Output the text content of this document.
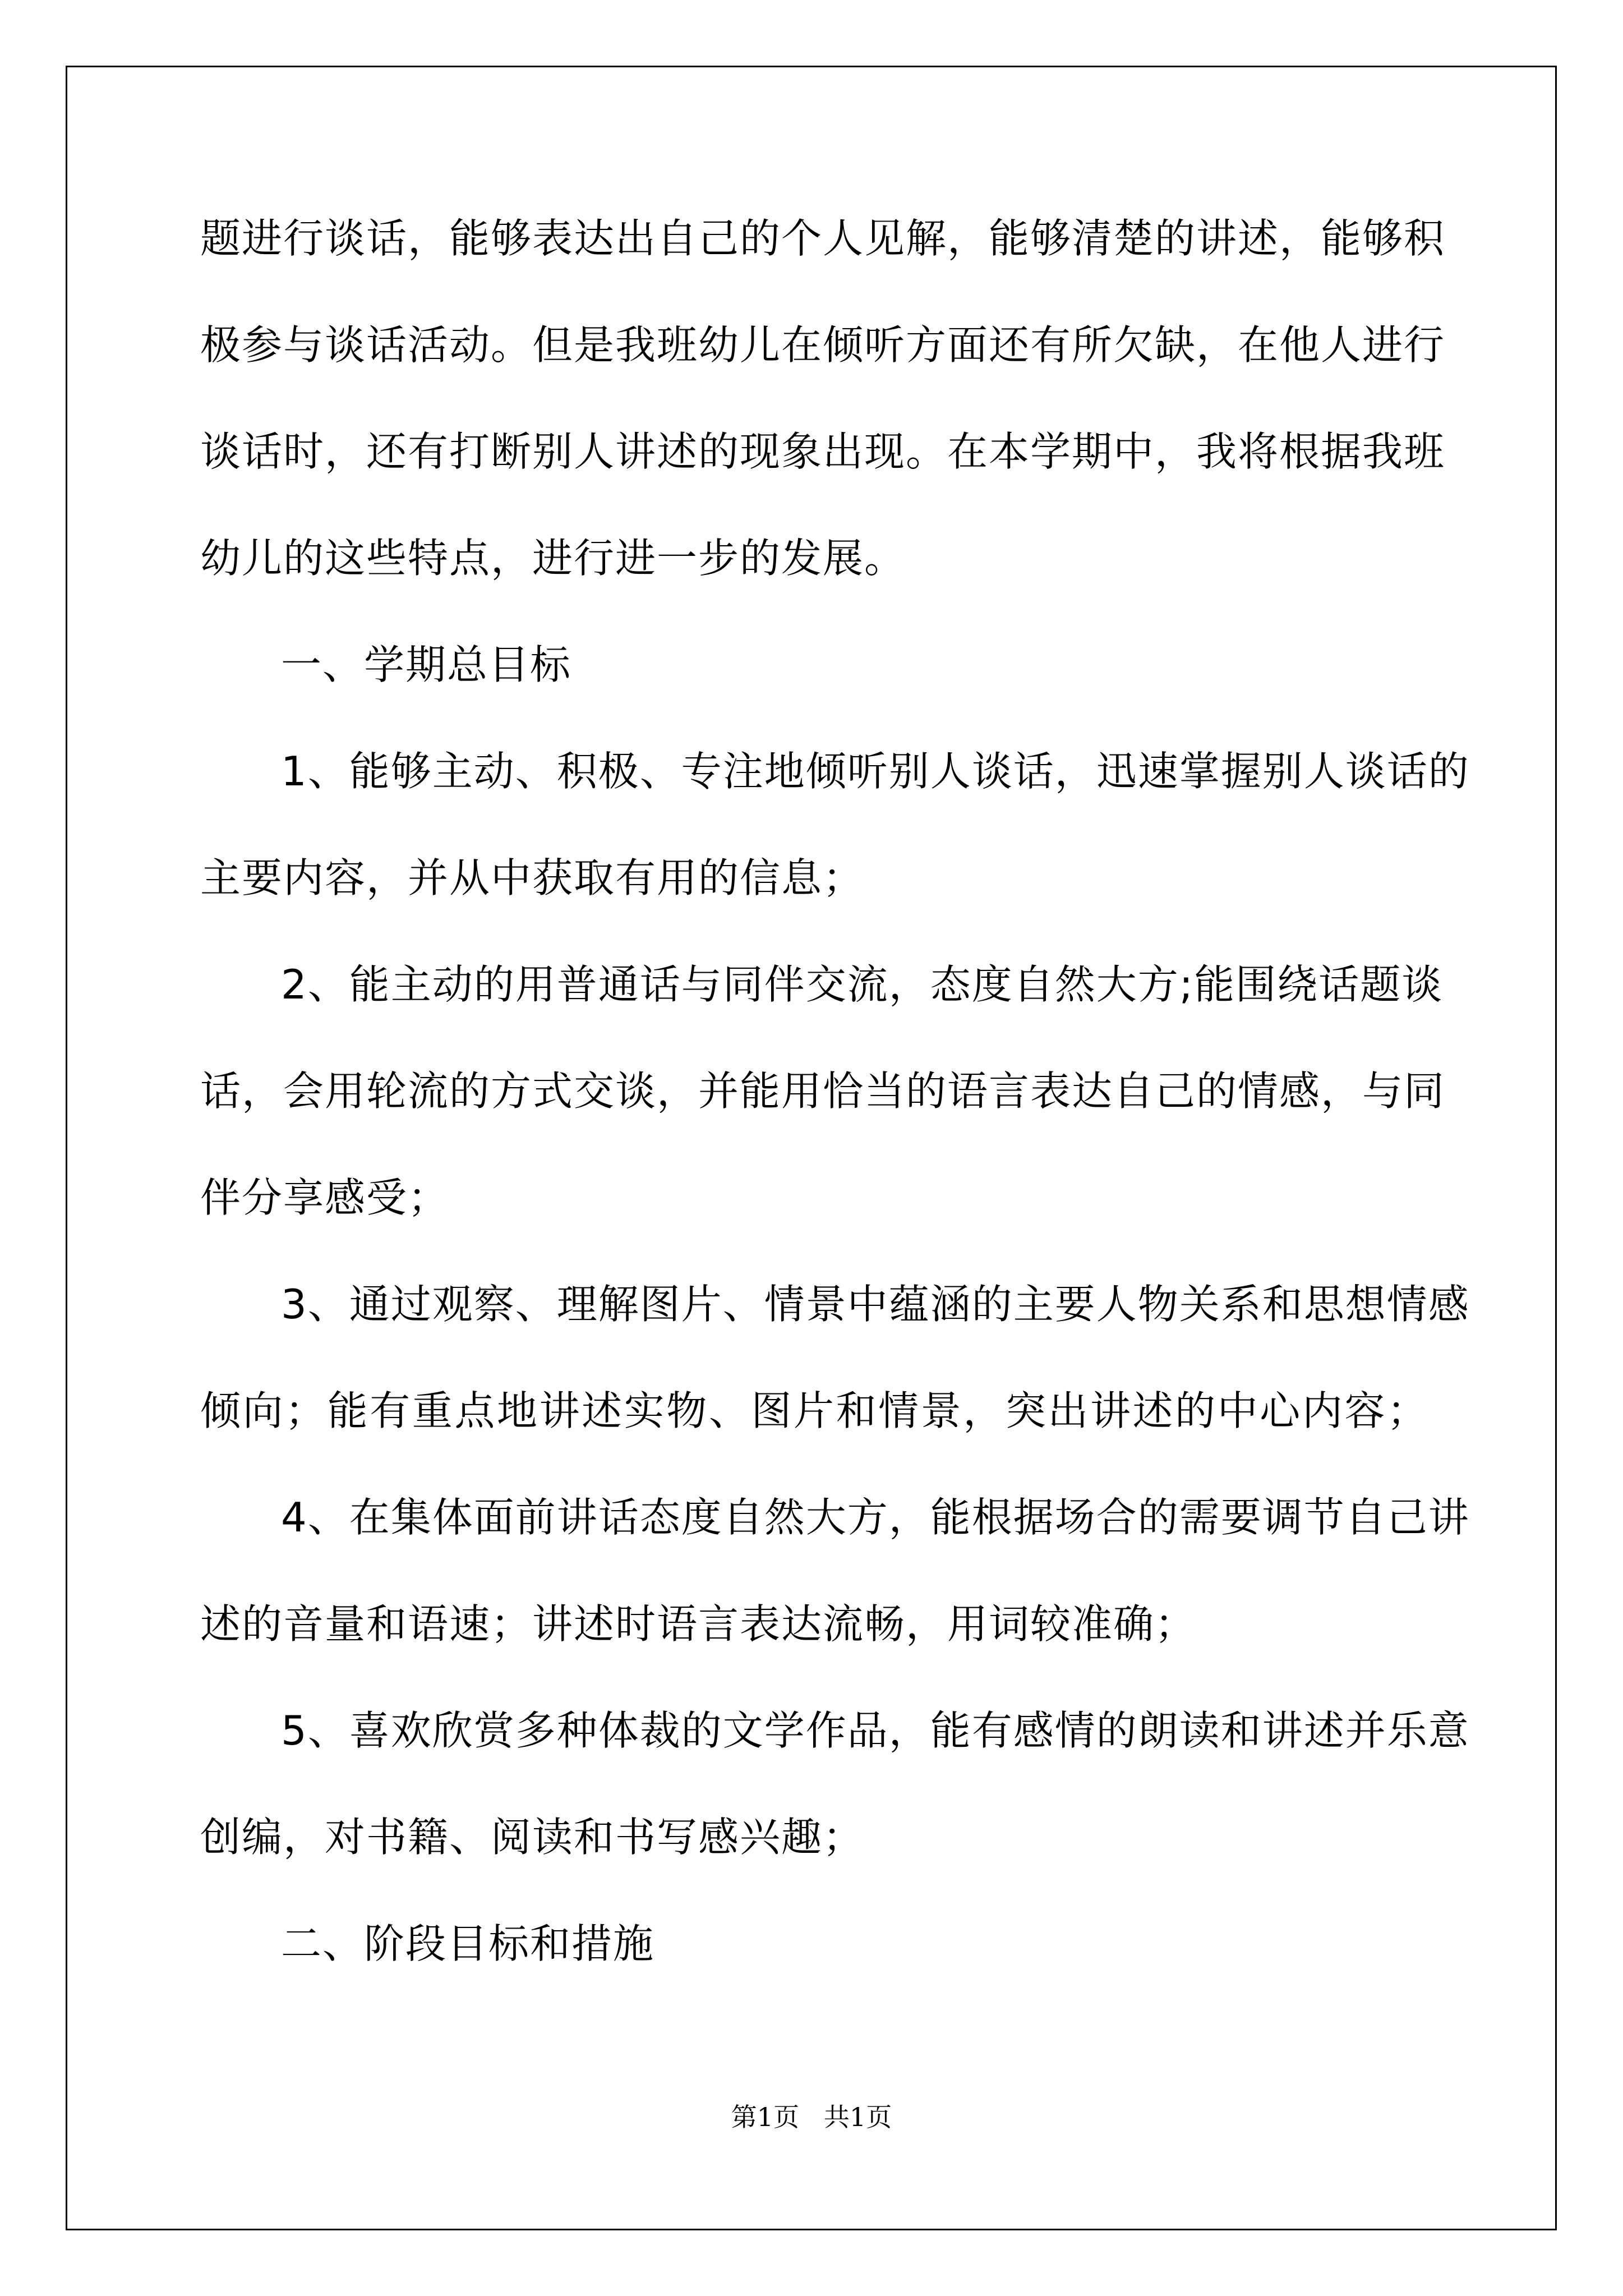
题进行谈话，能够表达出自己的个人见解，能够清楚的讲述，能够积
极参与谈话活动。但是我班幼儿在倾听方面还有所欠缺，在他人进行
谈话时，还有打断别人讲述的现象出现。在本学期中，我将根据我班
幼儿的这些特点，进行进一步的发展。
一、学期总目标
1、能够主动、积极、专注地倾听别人谈话，迅速掌握别人谈话的
主要内容，并从中获取有用的信息；
2、能主动的用普通话与同伴交流，态度自然大方;能围绕话题谈
话，会用轮流的方式交谈，并能用恰当的语言表达自己的情感，与同
伴分享感受；
3、通过观察、理解图片、情景中蕴涵的主要人物关系和思想情感
倾向；能有重点地讲述实物、图片和情景，突出讲述的中心内容；
4、在集体面前讲话态度自然大方，能根据场合的需要调节自己讲
述的音量和语速；讲述时语言表达流畅，用词较准确；
5、喜欢欣赏多种体裁的文学作品，能有感情的朗读和讲述并乐意
创编，对书籍、阅读和书写感兴趣；
二、阶段目标和措施
第1页   共1页
